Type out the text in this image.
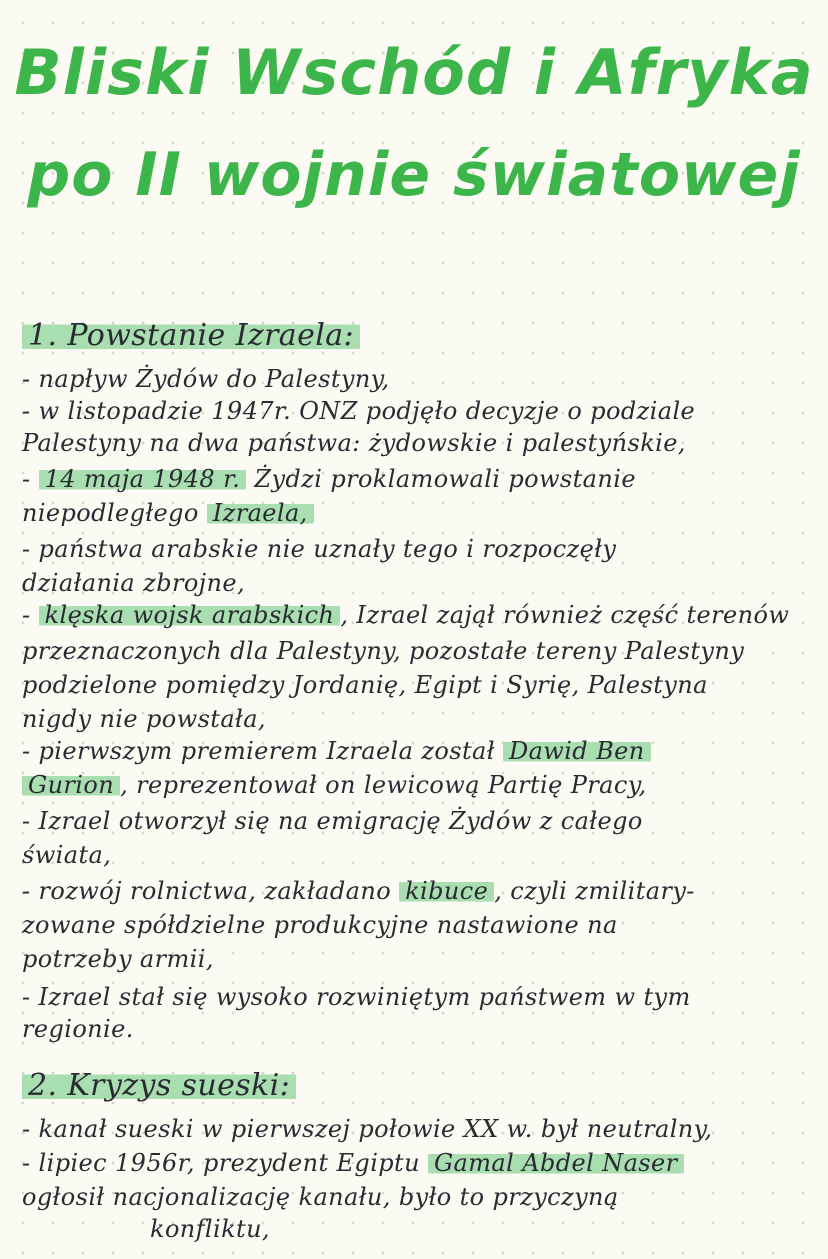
Bliski Wschód i Afryka
po II wojnie światowej
1. Powstanie Izraela:
- napływ Żydów do Palestyny,
- w listopadzie 1947r. ONZ podjęło decyzje o podziale
Palestyny na dwa państwa: żydowskie i palestyńskie,
- 14 maja 1948 r. Żydzi proklamowali powstanie
niepodległego Izraela,
- państwa arabskie nie uznały tego i rozpoczęły
działania zbrojne,
- klęska wojsk arabskich , Izrael zajął również część terenów
przeznaczonych dla Palestyny, pozostałe tereny Palestyny
podzielone pomiędzy Jordanię, Egipt i Syrię, Palestyna
nigdy nie powstała,
- pierwszym premierem Izraela został Dawid Ben
Gurion , reprezentował on lewicową Partię Pracy,
- Izrael otworzył się na emigrację Żydów z całego
świata,
- rozwój rolnictwa, zakładano kibuce , czyli zmilitary-
zowane spółdzielne produkcyjne nastawione na
potrzeby armii,
- Izrael stał się wysoko rozwiniętym państwem w tym
regionie.
2. Kryzys sueski:
- kanał sueski w pierwszej połowie XX w. był neutralny,
- lipiec 1956r, prezydent Egiptu Gamal Abdel Naser
ogłosił nacjonalizację kanału, było to przyczyną
konfliktu,
